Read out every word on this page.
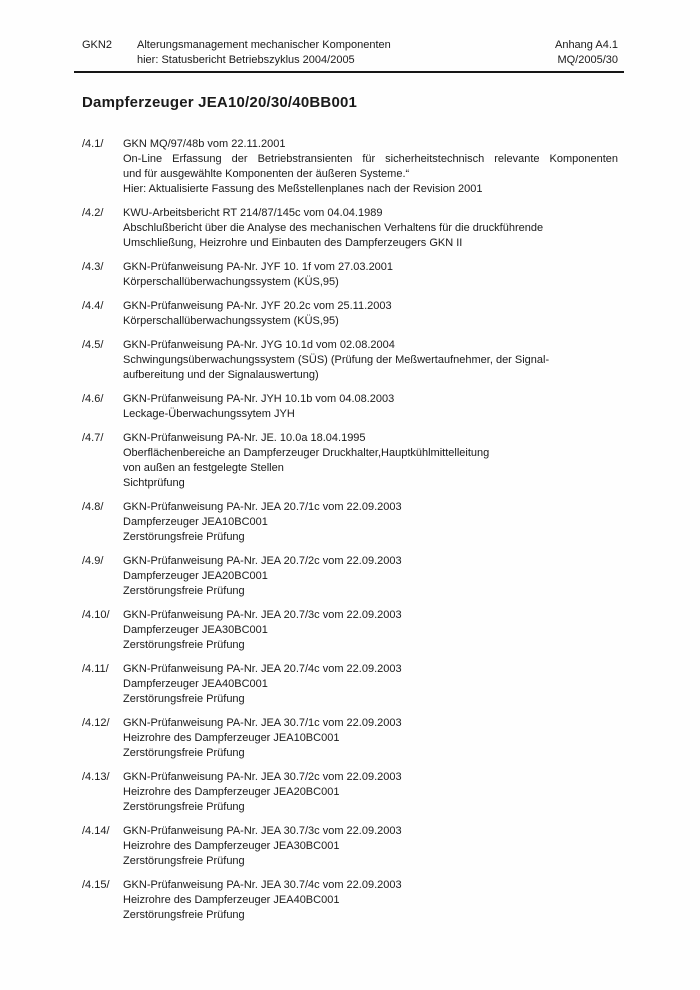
GKN2	Alterungsmanagement mechanischer Komponenten
hier: Statusbericht Betriebszyklus 2004/2005
Anhang A4.1
MQ/2005/30
Dampferzeuger JEA10/20/30/40BB001
/4.1/	GKN MQ/97/48b vom 22.11.2001
On-Line Erfassung der Betriebstransienten für sicherheitstechnisch relevante Komponenten
und für ausgewählte Komponenten der äußeren Systeme.“
Hier: Aktualisierte Fassung des Meßstellenplanes nach der Revision 2001
/4.2/	KWU-Arbeitsbericht RT 214/87/145c vom 04.04.1989
Abschlußbericht über die Analyse des mechanischen Verhaltens für die druckführende
Umschließung, Heizrohre und Einbauten des Dampferzeugers GKN II
/4.3/	GKN-Prüfanweisung PA-Nr. JYF 10. 1f vom 27.03.2001
Körperschallüberwachungssystem (KÜS,95)
/4.4/	GKN-Prüfanweisung PA-Nr. JYF 20.2c vom 25.11.2003
Körperschallüberwachungssystem (KÜS,95)
/4.5/	GKN-Prüfanweisung PA-Nr. JYG 10.1d vom 02.08.2004
Schwingungsüberwachungssystem (SÜS) (Prüfung der Meßwertaufnehmer, der Signal-
aufbereitung und der Signalauswertung)
/4.6/	GKN-Prüfanweisung PA-Nr. JYH 10.1b vom 04.08.2003
Leckage-Überwachungssytem JYH
/4.7/	GKN-Prüfanweisung PA-Nr. JE. 10.0a 18.04.1995
Oberflächenbereiche an Dampferzeuger Druckhalter,Hauptkühlmittelleitung
von außen an festgelegte Stellen
Sichtprüfung
/4.8/	GKN-Prüfanweisung PA-Nr. JEA 20.7/1c vom 22.09.2003
Dampferzeuger JEA10BC001
Zerstörungsfreie Prüfung
/4.9/	GKN-Prüfanweisung PA-Nr. JEA 20.7/2c vom 22.09.2003
Dampferzeuger JEA20BC001
Zerstörungsfreie Prüfung
/4.10/	GKN-Prüfanweisung PA-Nr. JEA 20.7/3c vom 22.09.2003
Dampferzeuger JEA30BC001
Zerstörungsfreie Prüfung
/4.11/	GKN-Prüfanweisung PA-Nr. JEA 20.7/4c vom 22.09.2003
Dampferzeuger JEA40BC001
Zerstörungsfreie Prüfung
/4.12/	GKN-Prüfanweisung PA-Nr. JEA 30.7/1c vom 22.09.2003
Heizrohre des Dampferzeuger JEA10BC001
Zerstörungsfreie Prüfung
/4.13/	GKN-Prüfanweisung PA-Nr. JEA 30.7/2c vom 22.09.2003
Heizrohre des Dampferzeuger JEA20BC001
Zerstörungsfreie Prüfung
/4.14/	GKN-Prüfanweisung PA-Nr. JEA 30.7/3c vom 22.09.2003
Heizrohre des Dampferzeuger JEA30BC001
Zerstörungsfreie Prüfung
/4.15/	GKN-Prüfanweisung PA-Nr. JEA 30.7/4c vom 22.09.2003
Heizrohre des Dampferzeuger JEA40BC001
Zerstörungsfreie Prüfung
